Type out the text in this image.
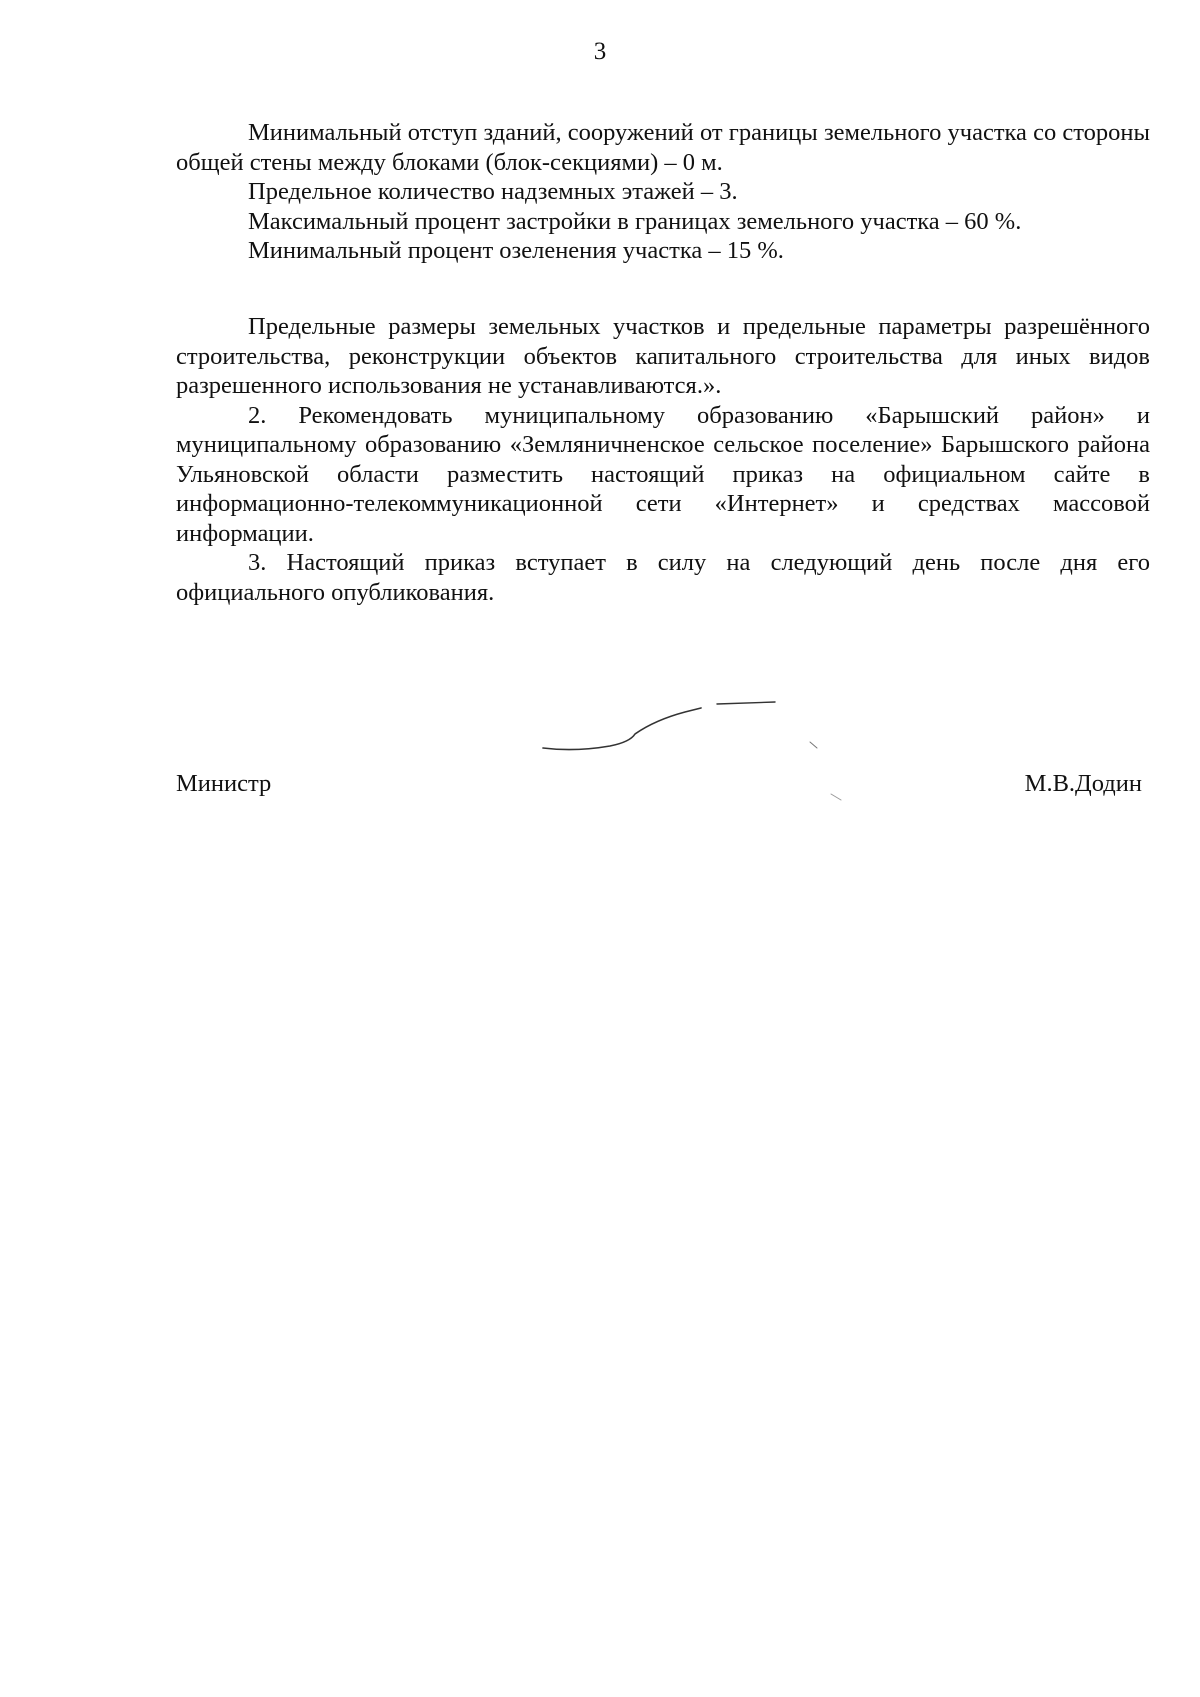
3

Минимальный отступ зданий, сооружений от границы земельного участка со стороны общей стены между блоками (блок-секциями) – 0 м.

Предельное количество надземных этажей – 3.

Максимальный процент застройки в границах земельного участка – 60 %.

Минимальный процент озеленения участка – 15 %.

Предельные размеры земельных участков и предельные параметры разрешённого строительства, реконструкции объектов капитального строительства для иных видов разрешенного использования не устанавливаются.».

2. Рекомендовать муниципальному образованию «Барышский район» и муниципальному образованию «Земляничненское сельское поселение» Барышского района Ульяновской области разместить настоящий приказ на официальном сайте в информационно-телекоммуникационной сети «Интернет» и средствах массовой информации.

3. Настоящий приказ вступает в силу на следующий день после дня его официального опубликования.

Министр	М.В.Додин
